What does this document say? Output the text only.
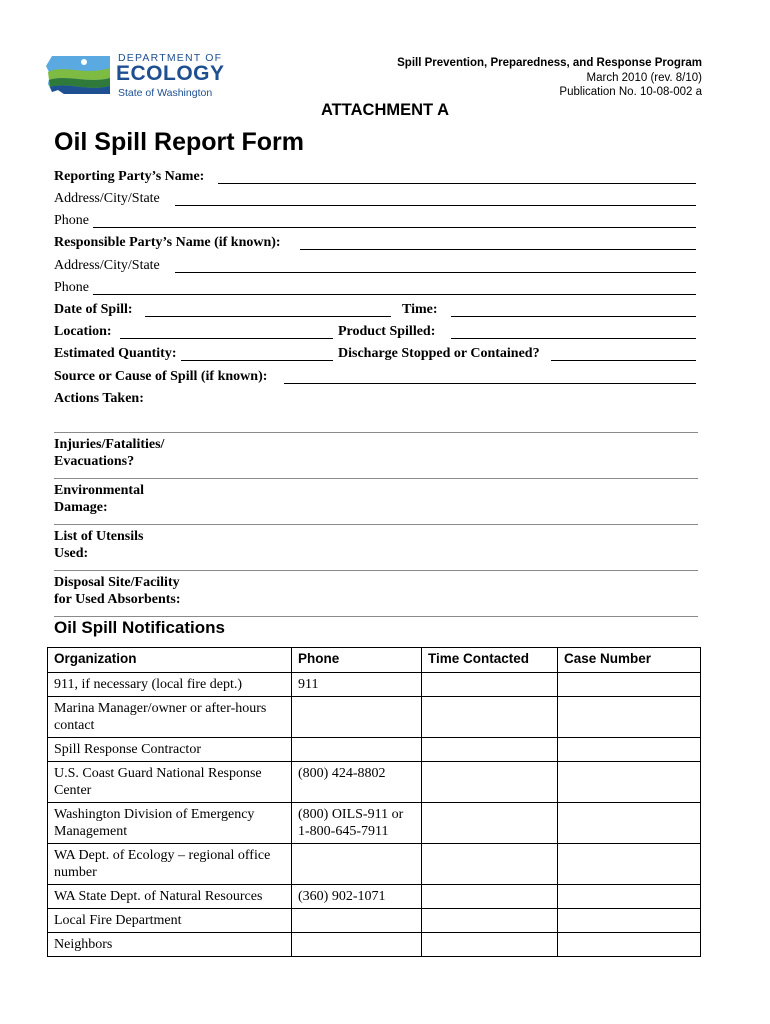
DEPARTMENT OF
ECOLOGY
State of Washington
Spill Prevention, Preparedness, and Response Program
March 2010 (rev. 8/10)
Publication No. 10-08-002 a
ATTACHMENT A
Oil Spill Report Form
Reporting Party’s Name:
Address/City/State
Phone
Responsible Party’s Name (if known):
Address/City/State
Phone
Date of Spill:	Time:
Location:	Product Spilled:
Estimated Quantity:	Discharge Stopped or Contained?
Source or Cause of Spill (if known):
Actions Taken:
Injuries/Fatalities/
Evacuations?
Environmental
Damage:
List of Utensils
Used:
Disposal Site/Facility
for Used Absorbents:
Oil Spill Notifications
Organization	Phone	Time Contacted	Case Number
911, if necessary (local fire dept.)	911		
Marina Manager/owner or after-hours contact			
Spill Response Contractor			
U.S. Coast Guard National Response Center	(800) 424-8802		
Washington Division of Emergency Management	(800) OILS-911 or 1-800-645-7911		
WA Dept. of Ecology – regional office number			
WA State Dept. of Natural Resources	(360) 902-1071		
Local Fire Department			
Neighbors			
